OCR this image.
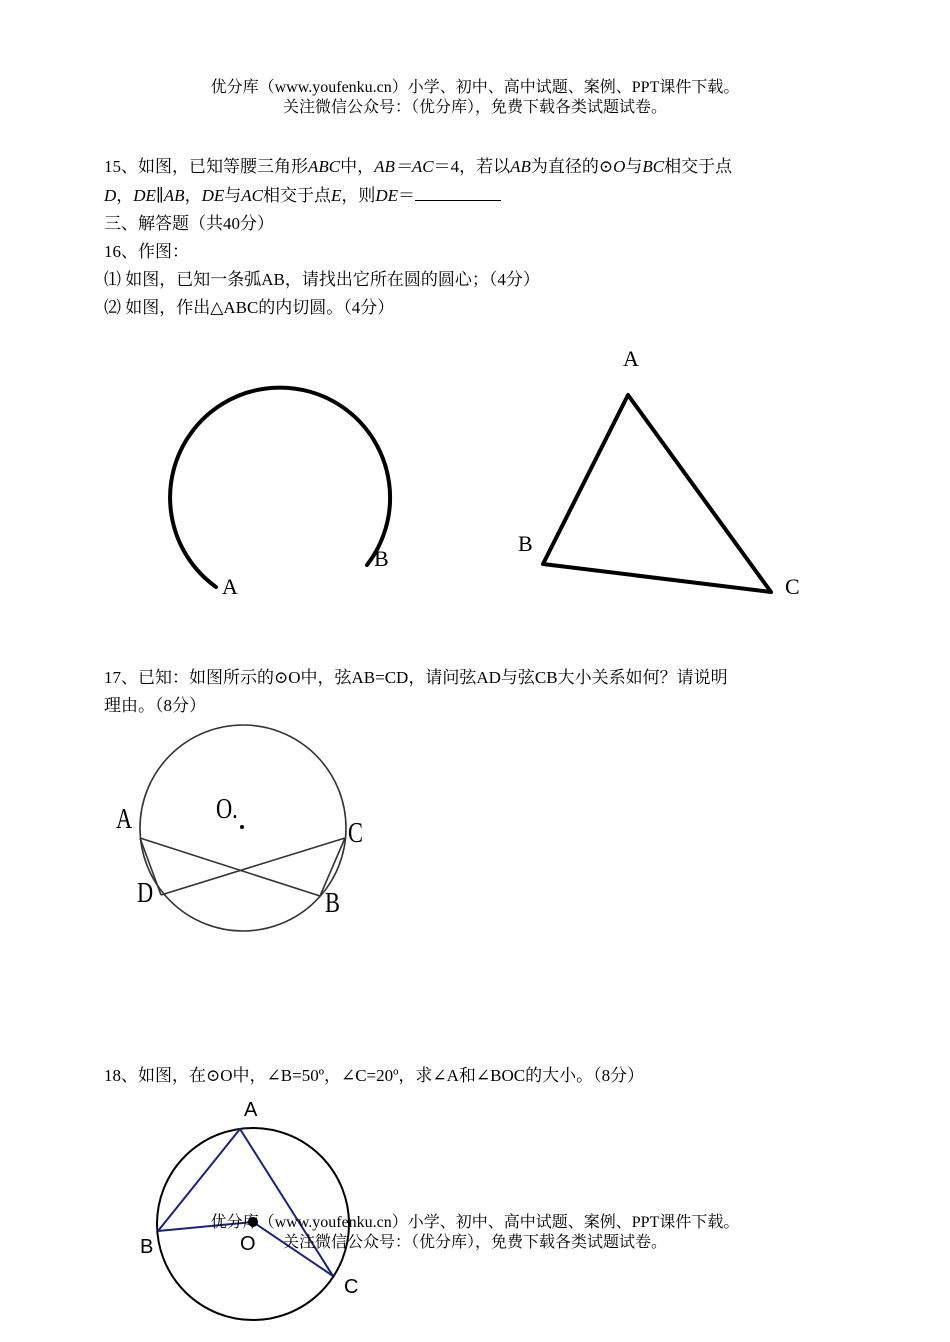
优分库（www.youfenku.cn）小学、初中、高中试题、案例、PPT课件下载。
关注微信公众号：（优分库），免费下载各类试题试卷。
15、如图，已知等腰三角形ABC中，AB＝AC＝4，若以AB为直径的⊙O与BC相交于点
D，DE∥AB，DE与AC相交于点E，则DE＝
三、解答题（共40分）
16、作图：
⑴ 如图，已知一条弧AB，请找出它所在圆的圆心；（4分）
⑵ 如图，作出△ABC的内切圆。（4分）
A
B
A
B
C
17、已知：如图所示的⊙O中，弦AB=CD，请问弦AD与弦CB大小关系如何？请说明
理由。（8分）
A	O.
C
D	B
18、如图，在⊙O中，∠B=50º，∠C=20º，求∠A和∠BOC的大小。（8分）
A
B	O
C
优分库（www.youfenku.cn）小学、初中、高中试题、案例、PPT课件下载。
关注微信公众号：（优分库），免费下载各类试题试卷。
